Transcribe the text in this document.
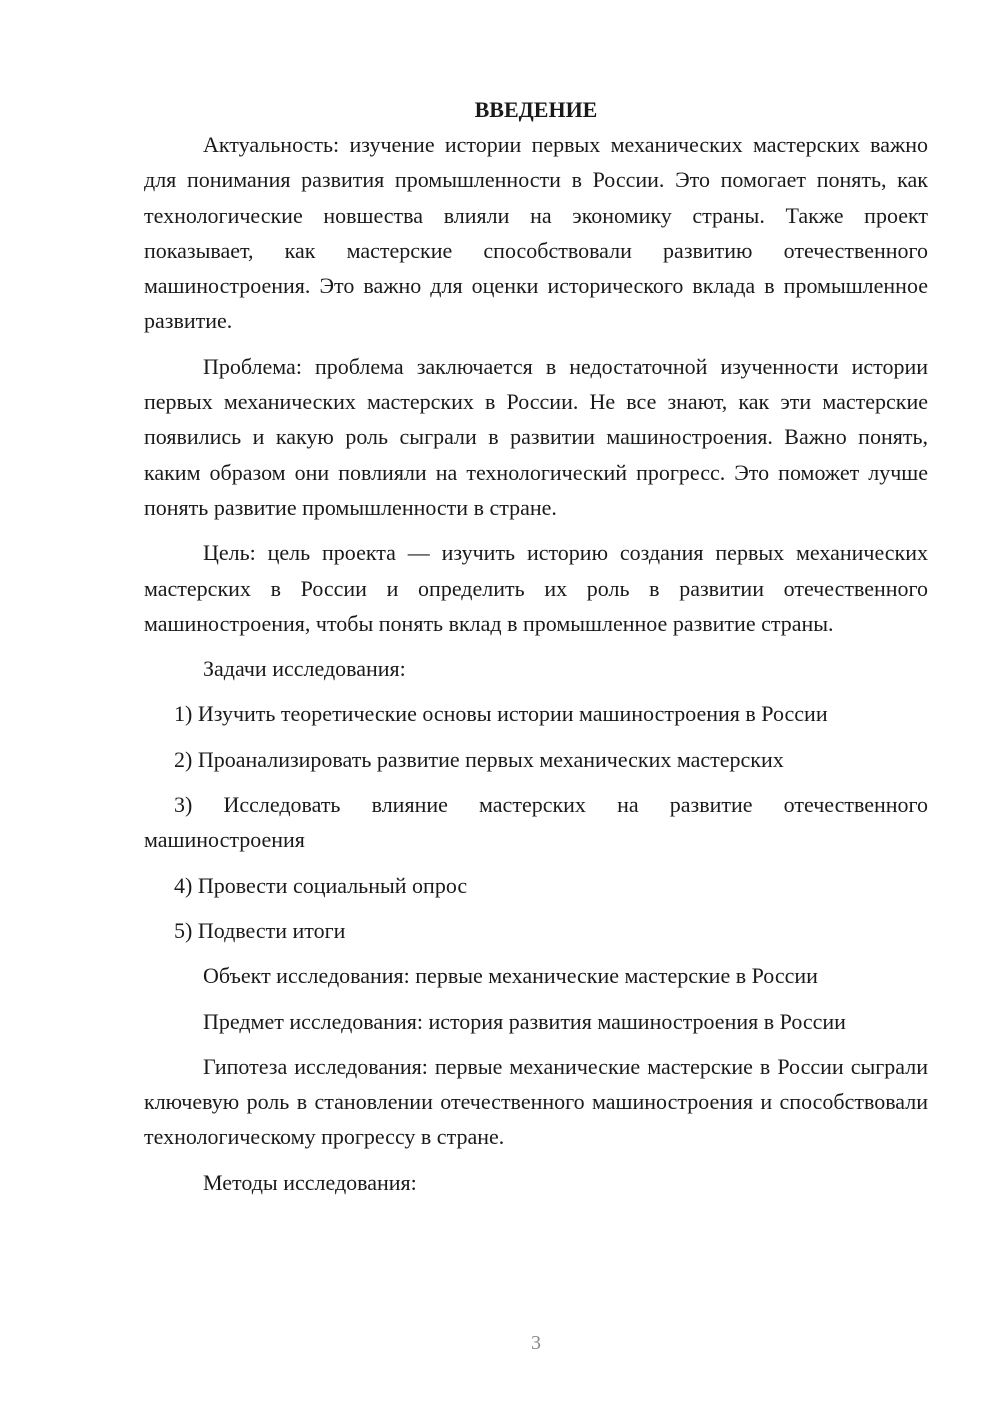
ВВЕДЕНИЕ

Актуальность: изучение истории первых механических мастерских важно для понимания развития промышленности в России. Это помогает понять, как технологические новшества влияли на экономику страны. Также проект показывает, как мастерские способствовали развитию отечественного машиностроения. Это важно для оценки исторического вклада в промышленное развитие.

Проблема: проблема заключается в недостаточной изученности истории первых механических мастерских в России. Не все знают, как эти мастерские появились и какую роль сыграли в развитии машиностроения. Важно понять, каким образом они повлияли на технологический прогресс. Это поможет лучше понять развитие промышленности в стране.

Цель: цель проекта — изучить историю создания первых механических мастерских в России и определить их роль в развитии отечественного машиностроения, чтобы понять вклад в промышленное развитие страны.

Задачи исследования:

1) Изучить теоретические основы истории машиностроения в России

2) Проанализировать развитие первых механических мастерских

3) Исследовать влияние мастерских на развитие отечественного машиностроения

4) Провести социальный опрос

5) Подвести итоги

Объект исследования: первые механические мастерские в России

Предмет исследования: история развития машиностроения в России

Гипотеза исследования: первые механические мастерские в России сыграли ключевую роль в становлении отечественного машиностроения и способствовали технологическому прогрессу в стране.

Методы исследования:

3
